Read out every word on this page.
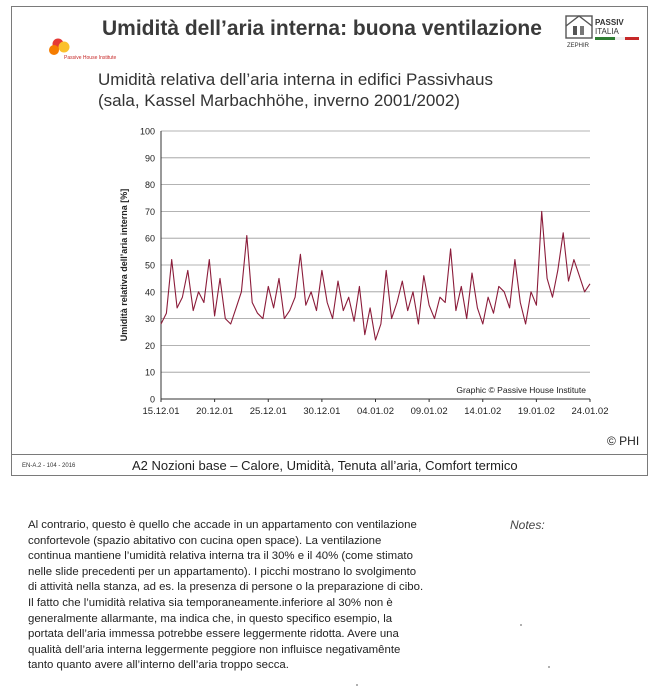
Umidità dell’aria interna: buona ventilazione
Passive House Institute
ZEPHIR
PASSIV
ITALIA
Umidità relativa dell’aria interna in edifici Passivhaus
(sala, Kassel Marbachhöhe, inverno 2001/2002)
0
10
20
30
40
50
60
70
80
90
100
15.12.01 20.12.01 25.12.01 30.12.01 04.01.02 09.01.02 14.01.02 19.01.02 24.01.02
Umidità relativa dell’aria interna [%]
Graphic © Passive House Institute
© PHI
EN-A.2 - 104 - 2016	A2 Nozioni base – Calore, Umidità, Tenuta all’aria, Comfort termico
Al contrario, questo è quello che accade in un appartamento con ventilazione
confortevole (spazio abitativo con cucina open space). La ventilazione
continua mantiene l’umidità relativa interna tra il 30% e il 40% (come stimato
nelle slide precedenti per un appartamento). I picchi mostrano lo svolgimento
di attività nella stanza, ad es. la presenza di persone o la preparazione di cibo.
Il fatto che l’umidità relativa sia temporaneamente.inferiore al 30% non è
generalmente allarmante, ma indica che, in questo specifico esempio, la
portata dell’aria immessa potrebbe essere leggermente ridotta. Avere una
qualità dell’aria interna leggermente peggiore non influisce negativamênte
tanto quanto avere all’interno dell’aria troppo secca.
Notes:
